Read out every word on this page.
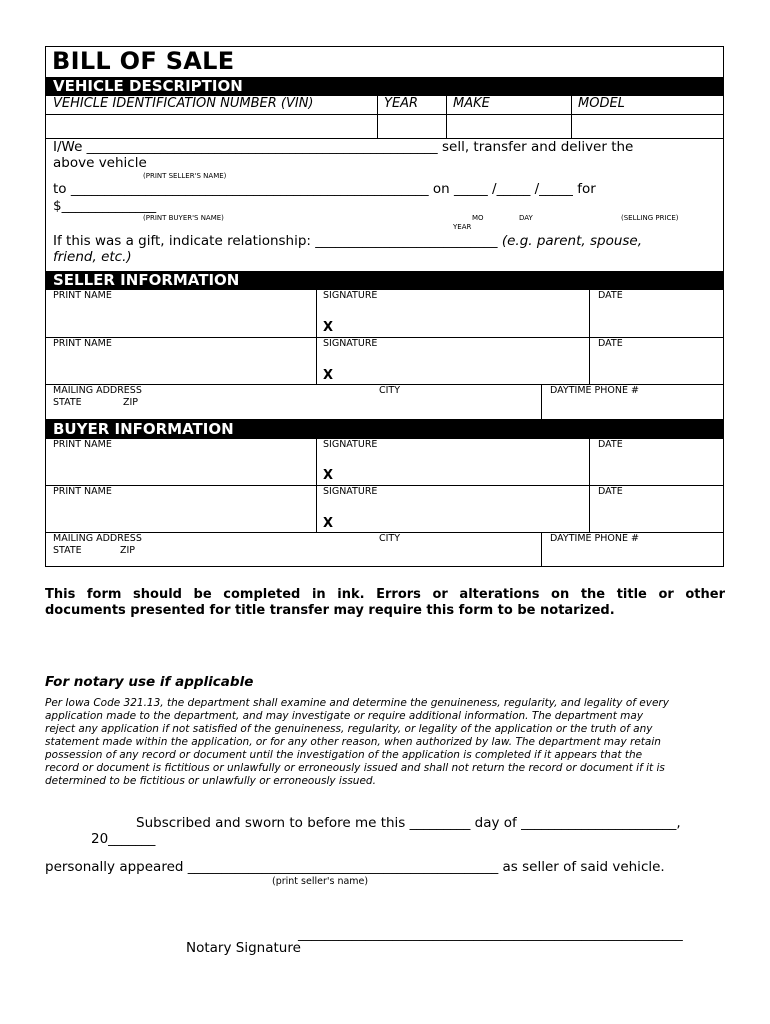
BILL OF SALE
VEHICLE DESCRIPTION
VEHICLE IDENTIFICATION NUMBER (VIN)	YEAR	MAKE	MODEL
I/We ____________________________________________________ sell, transfer and deliver the
above vehicle
(PRINT SELLER'S NAME)
to _____________________________________________________ on _____ /_____ /_____ for
$______________
(PRINT BUYER'S NAME)	MO	DAY	(SELLING PRICE)
YEAR
If this was a gift, indicate relationship: ___________________________ (e.g. parent, spouse,
friend, etc.)
SELLER INFORMATION
PRINT NAME	SIGNATURE	DATE
X
PRINT NAME	SIGNATURE	DATE
X
MAILING ADDRESS	CITY	DAYTIME PHONE #
STATE	ZIP
BUYER INFORMATION
PRINT NAME	SIGNATURE	DATE
X
PRINT NAME	SIGNATURE	DATE
X
MAILING ADDRESS	CITY	DAYTIME PHONE #
STATE	ZIP
This form should be completed in ink. Errors or alterations on the title or other
documents presented for title transfer may require this form to be notarized.
For notary use if applicable
Per Iowa Code 321.13, the department shall examine and determine the genuineness, regularity, and legality of every
application made to the department, and may investigate or require additional information. The department may
reject any application if not satisfied of the genuineness, regularity, or legality of the application or the truth of any
statement made within the application, or for any other reason, when authorized by law. The department may retain
possession of any record or document until the investigation of the application is completed if it appears that the
record or document is fictitious or unlawfully or erroneously issued and shall not return the record or document if it is
determined to be fictitious or unlawfully or erroneously issued.
Subscribed and sworn to before me this _________ day of _______________________,
20_______
personally appeared ______________________________________________ as seller of said vehicle.
(print seller's name)
_________________________________________________________
Notary Signature
